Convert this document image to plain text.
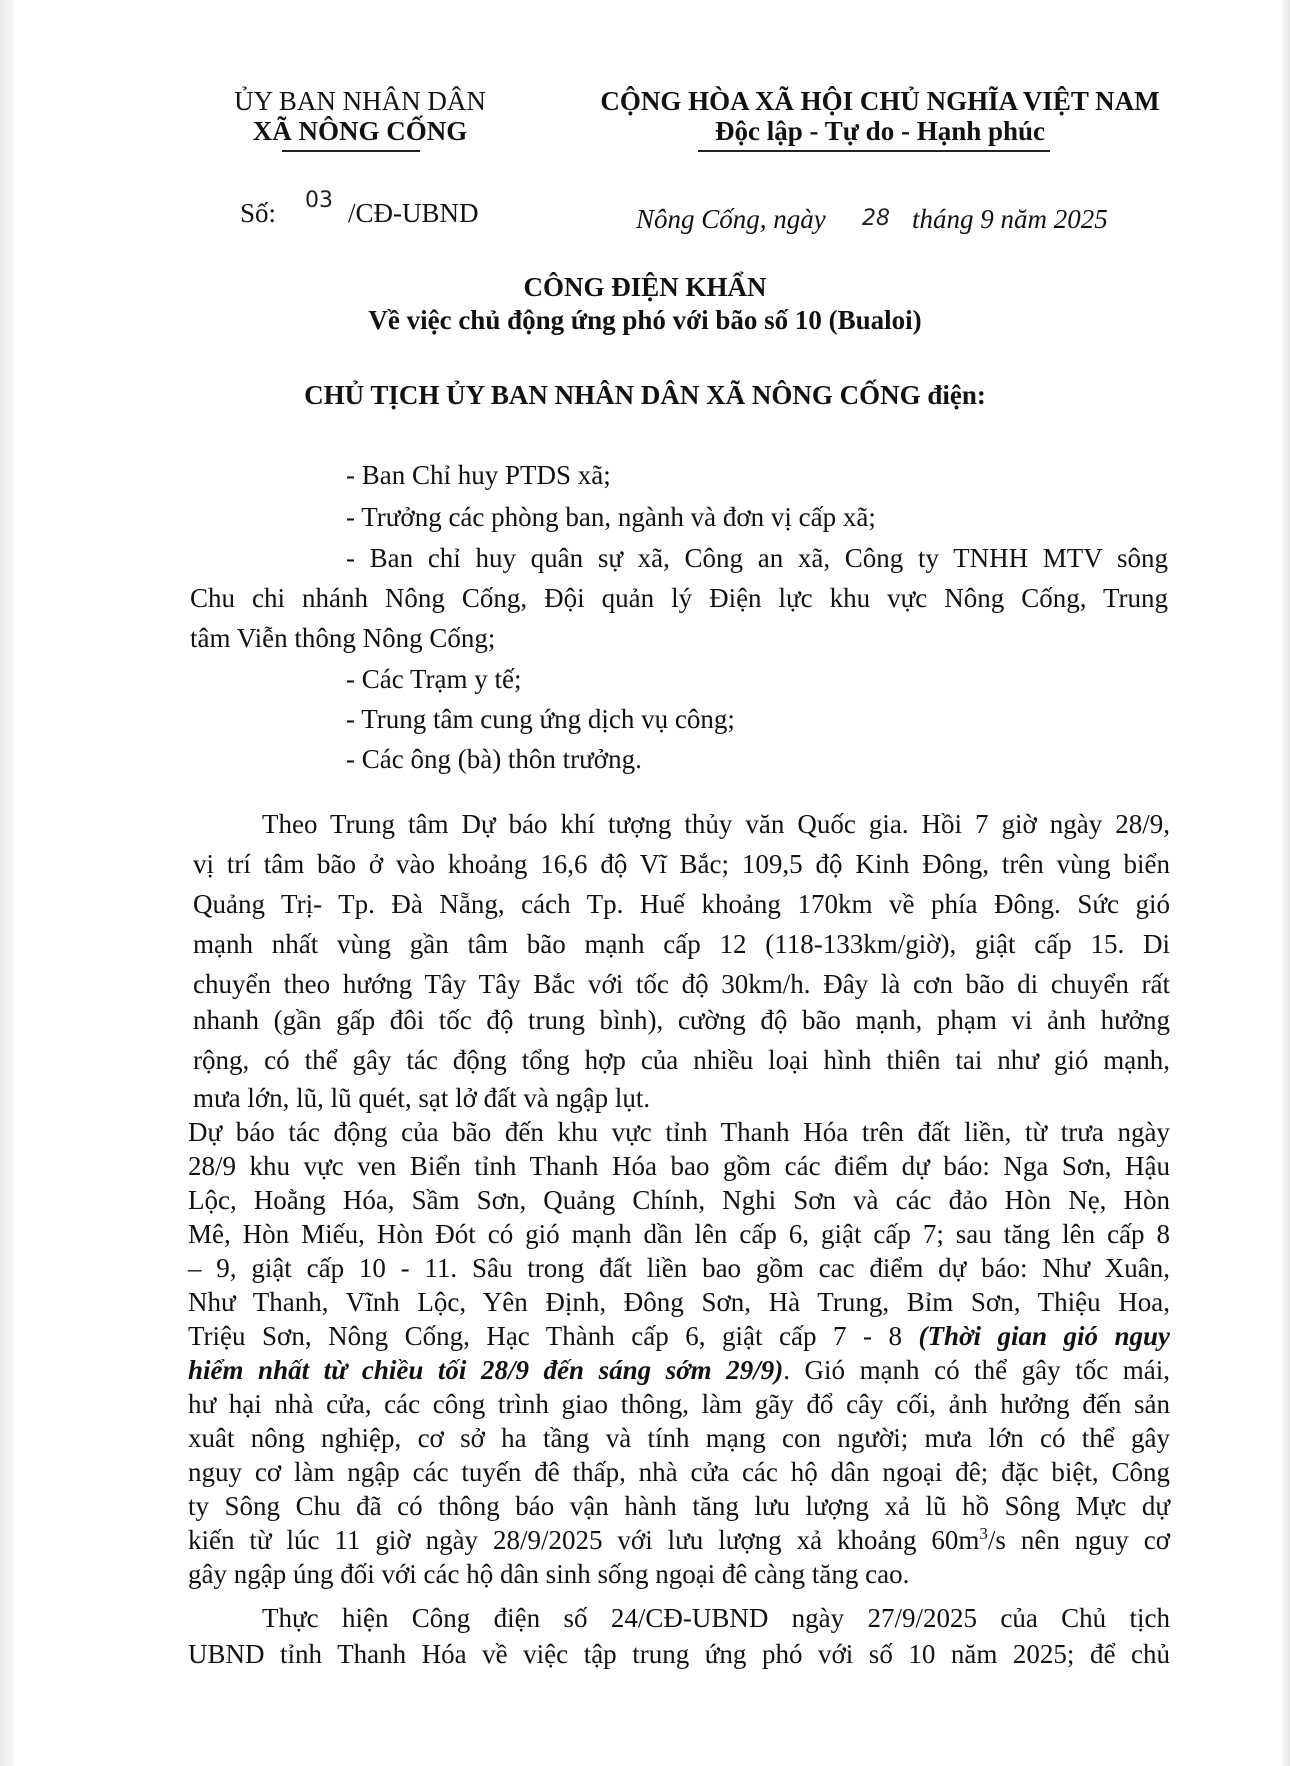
ỦY BAN NHÂN DÂN
XÃ NÔNG CỐNG
CỘNG HÒA XÃ HỘI CHỦ NGHĨA VIỆT NAM
Độc lập - Tự do - Hạnh phúc
Số: 03 /CĐ-UBND	Nông Cống, ngày 28 tháng 9 năm 2025
CÔNG ĐIỆN KHẨN
Về việc chủ động ứng phó với bão số 10 (Bualoi)
CHỦ TỊCH ỦY BAN NHÂN DÂN XÃ NÔNG CỐNG điện:
- Ban Chỉ huy PTDS xã;
- Trưởng các phòng ban, ngành và đơn vị cấp xã;
- Ban chỉ huy quân sự xã, Công an xã, Công ty TNHH MTV sông
Chu chi nhánh Nông Cống, Đội quản lý Điện lực khu vực Nông Cống, Trung
tâm Viễn thông Nông Cống;
- Các Trạm y tế;
- Trung tâm cung ứng dịch vụ công;
- Các ông (bà) thôn trưởng.
Theo Trung tâm Dự báo khí tượng thủy văn Quốc gia. Hồi 7 giờ ngày 28/9,
vị trí tâm bão ở vào khoảng 16,6 độ Vĩ Bắc; 109,5 độ Kinh Đông, trên vùng biển
Quảng Trị- Tp. Đà Nẵng, cách Tp. Huế khoảng 170km về phía Đông. Sức gió
mạnh nhất vùng gần tâm bão mạnh cấp 12 (118-133km/giờ), giật cấp 15. Di
chuyển theo hướng Tây Tây Bắc với tốc độ 30km/h. Đây là cơn bão di chuyển rất
nhanh (gần gấp đôi tốc độ trung bình), cường độ bão mạnh, phạm vi ảnh hưởng
rộng, có thể gây tác động tổng hợp của nhiều loại hình thiên tai như gió mạnh,
mưa lớn, lũ, lũ quét, sạt lở đất và ngập lụt.
Dự báo tác động của bão đến khu vực tỉnh Thanh Hóa trên đất liền, từ trưa ngày
28/9 khu vực ven Biển tỉnh Thanh Hóa bao gồm các điểm dự báo: Nga Sơn, Hậu
Lộc, Hoằng Hóa, Sầm Sơn, Quảng Chính, Nghi Sơn và các đảo Hòn Nẹ, Hòn
Mê, Hòn Miếu, Hòn Đót có gió mạnh dần lên cấp 6, giật cấp 7; sau tăng lên cấp 8
– 9, giật cấp 10 - 11. Sâu trong đất liền bao gồm cac điểm dự báo: Như Xuân,
Như Thanh, Vĩnh Lộc, Yên Định, Đông Sơn, Hà Trung, Bỉm Sơn, Thiệu Hoa,
Triệu Sơn, Nông Cống, Hạc Thành cấp 6, giật cấp 7 - 8 (Thời gian gió nguy
hiểm nhất từ chiều tối 28/9 đến sáng sớm 29/9). Gió mạnh có thể gây tốc mái,
hư hại nhà cửa, các công trình giao thông, làm gãy đổ cây cối, ảnh hưởng đến sản
xuât nông nghiệp, cơ sở ha tầng và tính mạng con người; mưa lớn có thể gây
nguy cơ làm ngập các tuyến đê thấp, nhà cửa các hộ dân ngoại đê; đặc biệt, Công
ty Sông Chu đã có thông báo vận hành tăng lưu lượng xả lũ hồ Sông Mực dự
kiến từ lúc 11 giờ ngày 28/9/2025 với lưu lượng xả khoảng $60m^3/s$ nên nguy cơ
gây ngập úng đối với các hộ dân sinh sống ngoại đê càng tăng cao.
Thực hiện Công điện số 24/CĐ-UBND ngày 27/9/2025 của Chủ tịch
UBND tỉnh Thanh Hóa về việc tập trung ứng phó với số 10 năm 2025; để chủ
